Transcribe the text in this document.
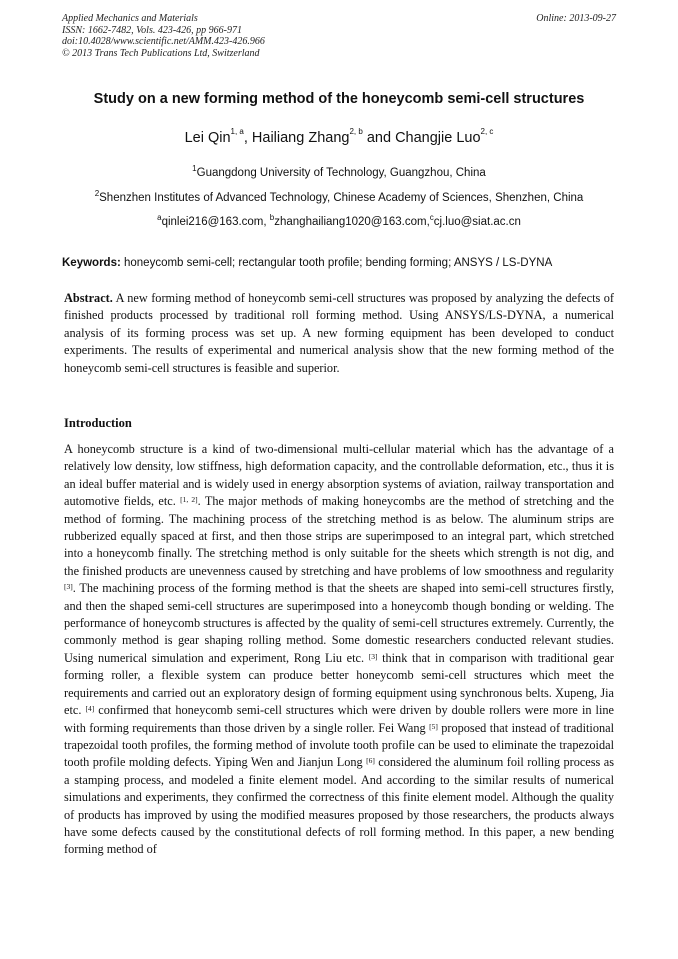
Applied Mechanics and Materials
ISSN: 1662-7482, Vols. 423-426, pp 966-971
doi:10.4028/www.scientific.net/AMM.423-426.966
© 2013 Trans Tech Publications Ltd, Switzerland
Online: 2013-09-27
Study on a new forming method of the honeycomb semi-cell structures
Lei Qin$^{1, a}$, Hailiang Zhang$^{2, b}$ and Changjie Luo$^{2, c}$
$^1$Guangdong University of Technology, Guangzhou, China
$^2$Shenzhen Institutes of Advanced Technology, Chinese Academy of Sciences, Shenzhen, China
$^a$qinlei216@163.com, $^b$zhanghailiang1020@163.com,$^c$cj.luo@siat.ac.cn
Keywords: honeycomb semi-cell; rectangular tooth profile; bending forming; ANSYS / LS-DYNA
Abstract. A new forming method of honeycomb semi-cell structures was proposed by analyzing the defects of finished products processed by traditional roll forming method. Using ANSYS/LS-DYNA, a numerical analysis of its forming process was set up. A new forming equipment has been developed to conduct experiments. The results of experimental and numerical analysis show that the new forming method of the honeycomb semi-cell structures is feasible and superior.
Introduction
A honeycomb structure is a kind of two-dimensional multi-cellular material which has the advantage of a relatively low density, low stiffness, high deformation capacity, and the controllable deformation, etc., thus it is an ideal buffer material and is widely used in energy absorption systems of aviation, railway transportation and automotive fields, etc. [1, 2]. The major methods of making honeycombs are the method of stretching and the method of forming. The machining process of the stretching method is as below. The aluminum strips are rubberized equally spaced at first, and then those strips are superimposed to an integral part, which stretched into a honeycomb finally. The stretching method is only suitable for the sheets which strength is not dig, and the finished products are unevenness caused by stretching and have problems of low smoothness and regularity [3]. The machining process of the forming method is that the sheets are shaped into semi-cell structures firstly, and then the shaped semi-cell structures are superimposed into a honeycomb though bonding or welding. The performance of honeycomb structures is affected by the quality of semi-cell structures extremely. Currently, the commonly method is gear shaping rolling method. Some domestic researchers conducted relevant studies. Using numerical simulation and experiment, Rong Liu etc. [3] think that in comparison with traditional gear forming roller, a flexible system can produce better honeycomb semi-cell structures which meet the requirements and carried out an exploratory design of forming equipment using synchronous belts. Xupeng, Jia etc. [4] confirmed that honeycomb semi-cell structures which were driven by double rollers were more in line with forming requirements than those driven by a single roller. Fei Wang [5] proposed that instead of traditional trapezoidal tooth profiles, the forming method of involute tooth profile can be used to eliminate the trapezoidal tooth profile molding defects. Yiping Wen and Jianjun Long [6] considered the aluminum foil rolling process as a stamping process, and modeled a finite element model. And according to the similar results of numerical simulations and experiments, they confirmed the correctness of this finite element model. Although the quality of products has improved by using the modified measures proposed by those researchers, the products always have some defects caused by the constitutional defects of roll forming method. In this paper, a new bending forming method of
